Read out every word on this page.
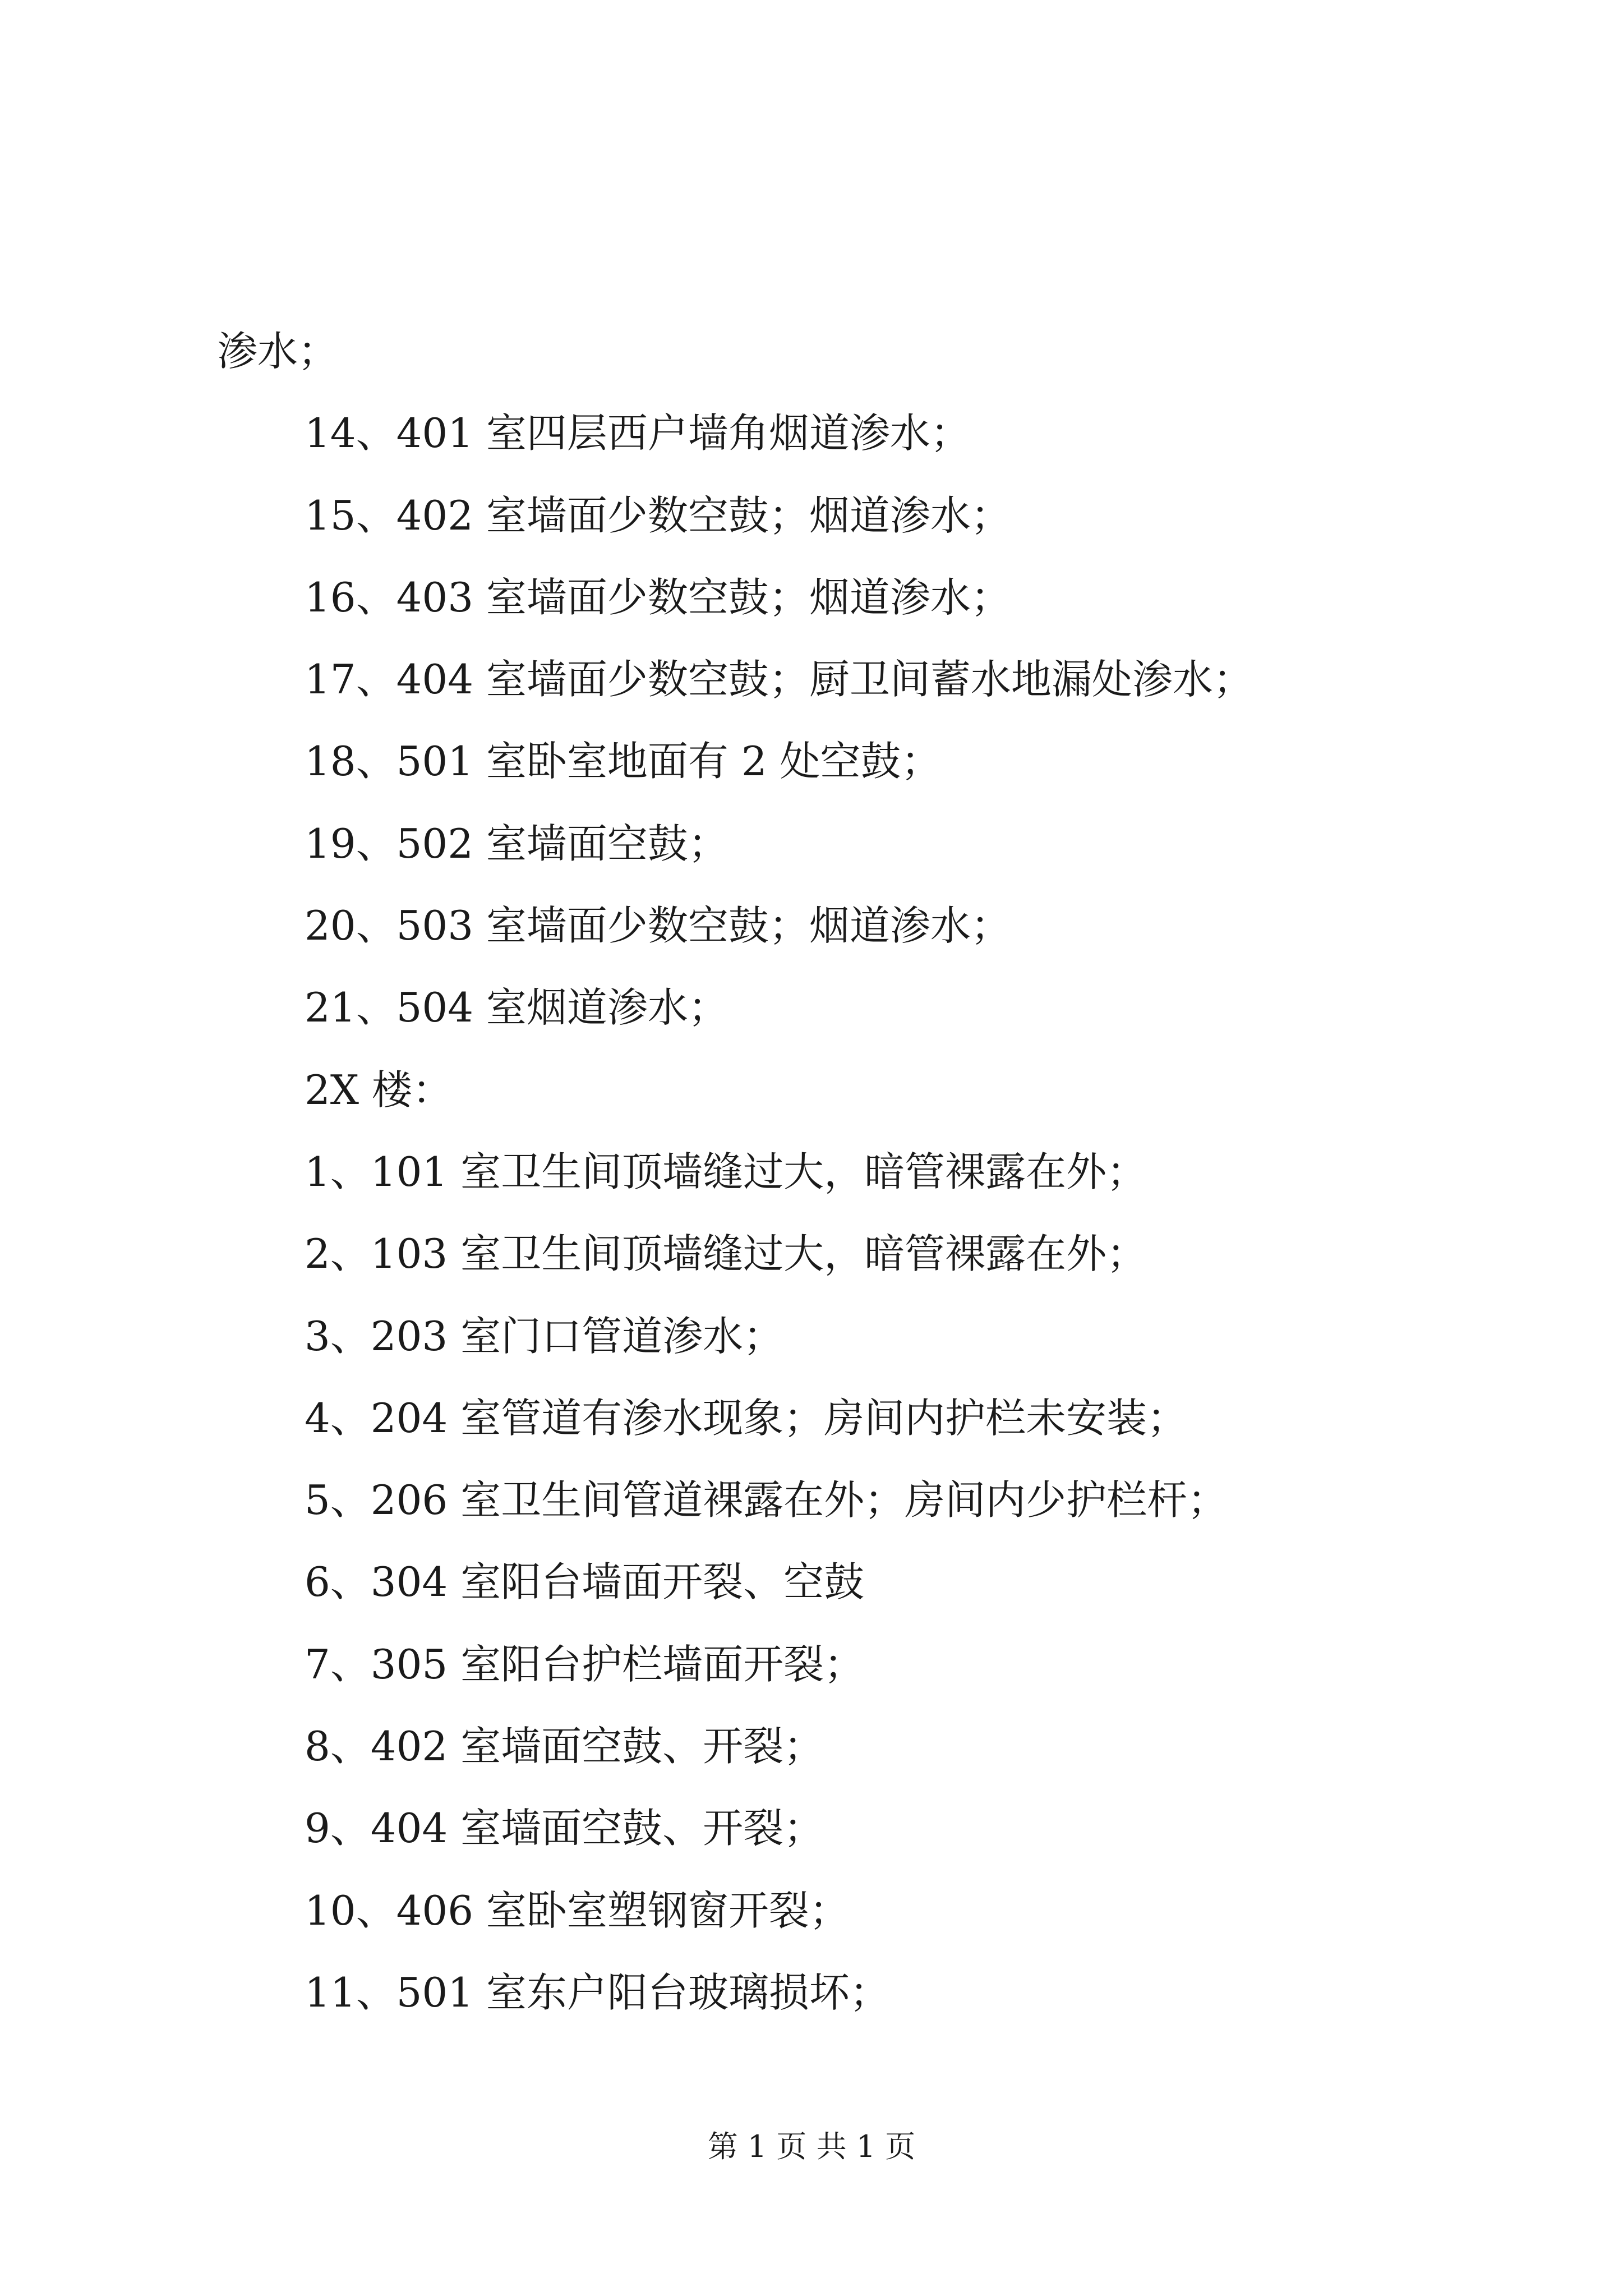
渗水；
14、401 室四层西户墙角烟道渗水；
15、402 室墙面少数空鼓；烟道渗水；
16、403 室墙面少数空鼓；烟道渗水；
17、404 室墙面少数空鼓；厨卫间蓄水地漏处渗水；
18、501 室卧室地面有 2 处空鼓；
19、502 室墙面空鼓；
20、503 室墙面少数空鼓；烟道渗水；
21、504 室烟道渗水；
2X 楼：
1、101 室卫生间顶墙缝过大，暗管裸露在外；
2、103 室卫生间顶墙缝过大，暗管裸露在外；
3、203 室门口管道渗水；
4、204 室管道有渗水现象；房间内护栏未安装；
5、206 室卫生间管道裸露在外；房间内少护栏杆；
6、304 室阳台墙面开裂、空鼓
7、305 室阳台护栏墙面开裂；
8、402 室墙面空鼓、开裂；
9、404 室墙面空鼓、开裂；
10、406 室卧室塑钢窗开裂；
11、501 室东户阳台玻璃损坏；
第 1 页 共 1 页
